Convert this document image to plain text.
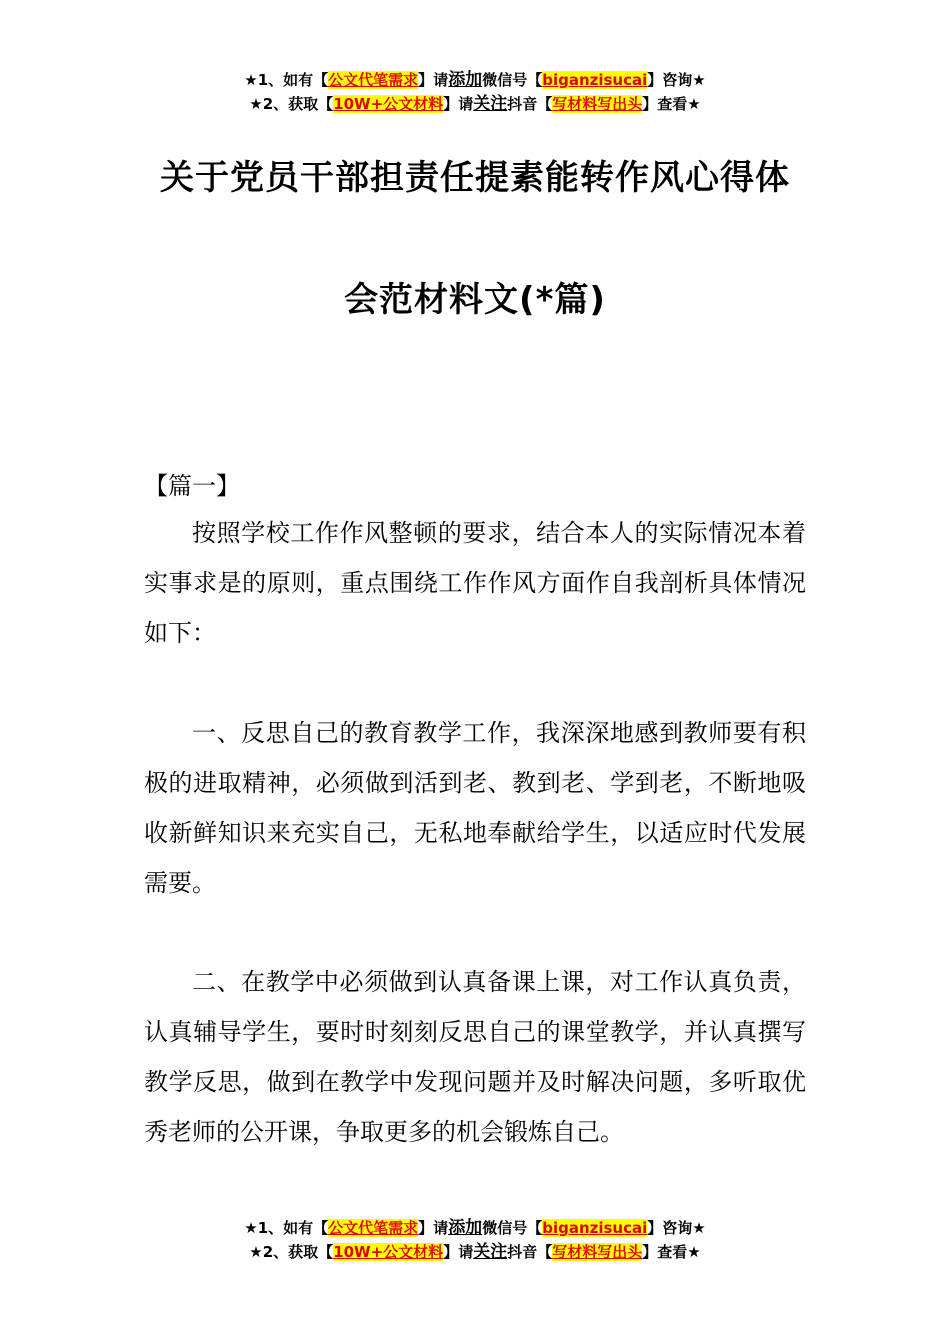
★1、如有【公文代笔需求】请添加微信号【biganzisucai】咨询★
★2、获取【10W+公文材料】请关注抖音【写材料写出头】查看★
关于党员干部担责任提素能转作风心得体
会范材料文(*篇)
【篇一】
按照学校工作作风整顿的要求，结合本人的实际情况本着实事求是的原则，重点围绕工作作风方面作自我剖析具体情况如下：
一、反思自己的教育教学工作，我深深地感到教师要有积极的进取精神，必须做到活到老、教到老、学到老，不断地吸收新鲜知识来充实自己，无私地奉献给学生，以适应时代发展需要。
二、在教学中必须做到认真备课上课，对工作认真负责，认真辅导学生，要时时刻刻反思自己的课堂教学，并认真撰写教学反思，做到在教学中发现问题并及时解决问题，多听取优秀老师的公开课，争取更多的机会锻炼自己。
★1、如有【公文代笔需求】请添加微信号【biganzisucai】咨询★
★2、获取【10W+公文材料】请关注抖音【写材料写出头】查看★
